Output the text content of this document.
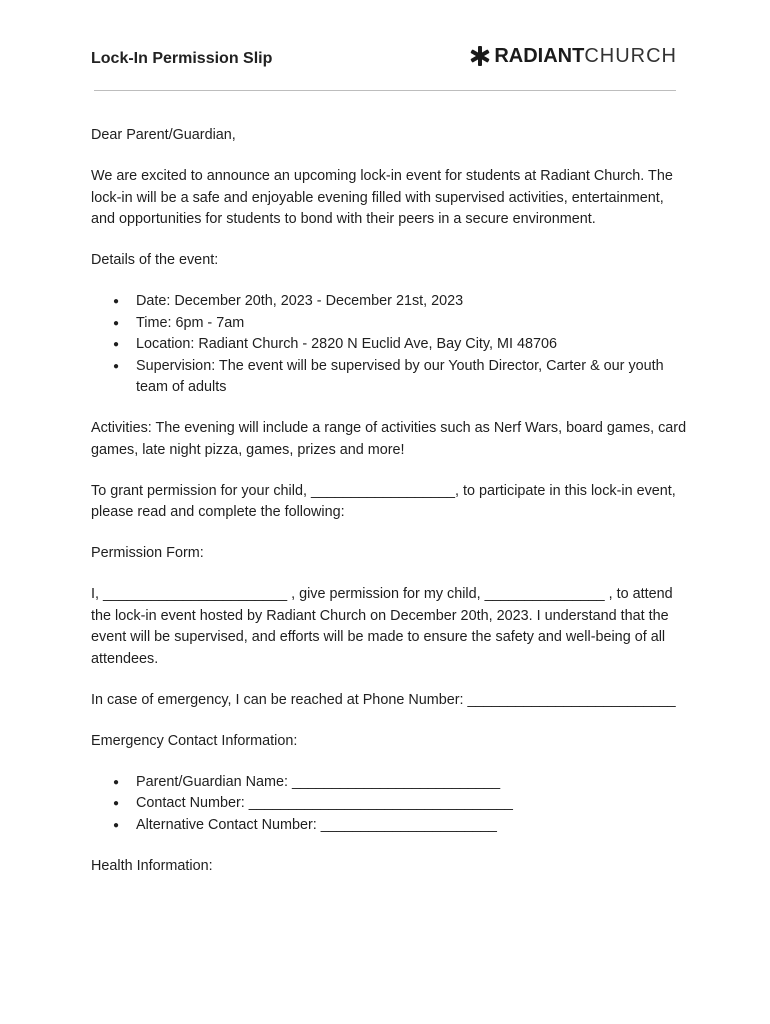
Lock-In Permission Slip	RADIANTCHURCH

Dear Parent/Guardian,

We are excited to announce an upcoming lock-in event for students at Radiant Church. The lock-in will be a safe and enjoyable evening filled with supervised activities, entertainment, and opportunities for students to bond with their peers in a secure environment.

Details of the event:

● Date: December 20th, 2023 - December 21st, 2023
● Time: 6pm - 7am
● Location: Radiant Church - 2820 N Euclid Ave, Bay City, MI 48706
● Supervision: The event will be supervised by our Youth Director, Carter & our youth team of adults

Activities: The evening will include a range of activities such as Nerf Wars, board games, card games, late night pizza, games, prizes and more!

To grant permission for your child, __________________, to participate in this lock-in event, please read and complete the following:

Permission Form:

I, _______________________ , give permission for my child, _______________ , to attend the lock-in event hosted by Radiant Church on December 20th, 2023. I understand that the event will be supervised, and efforts will be made to ensure the safety and well-being of all attendees.

In case of emergency, I can be reached at Phone Number: __________________________

Emergency Contact Information:

● Parent/Guardian Name: __________________________
● Contact Number: _________________________________
● Alternative Contact Number: ______________________

Health Information:
